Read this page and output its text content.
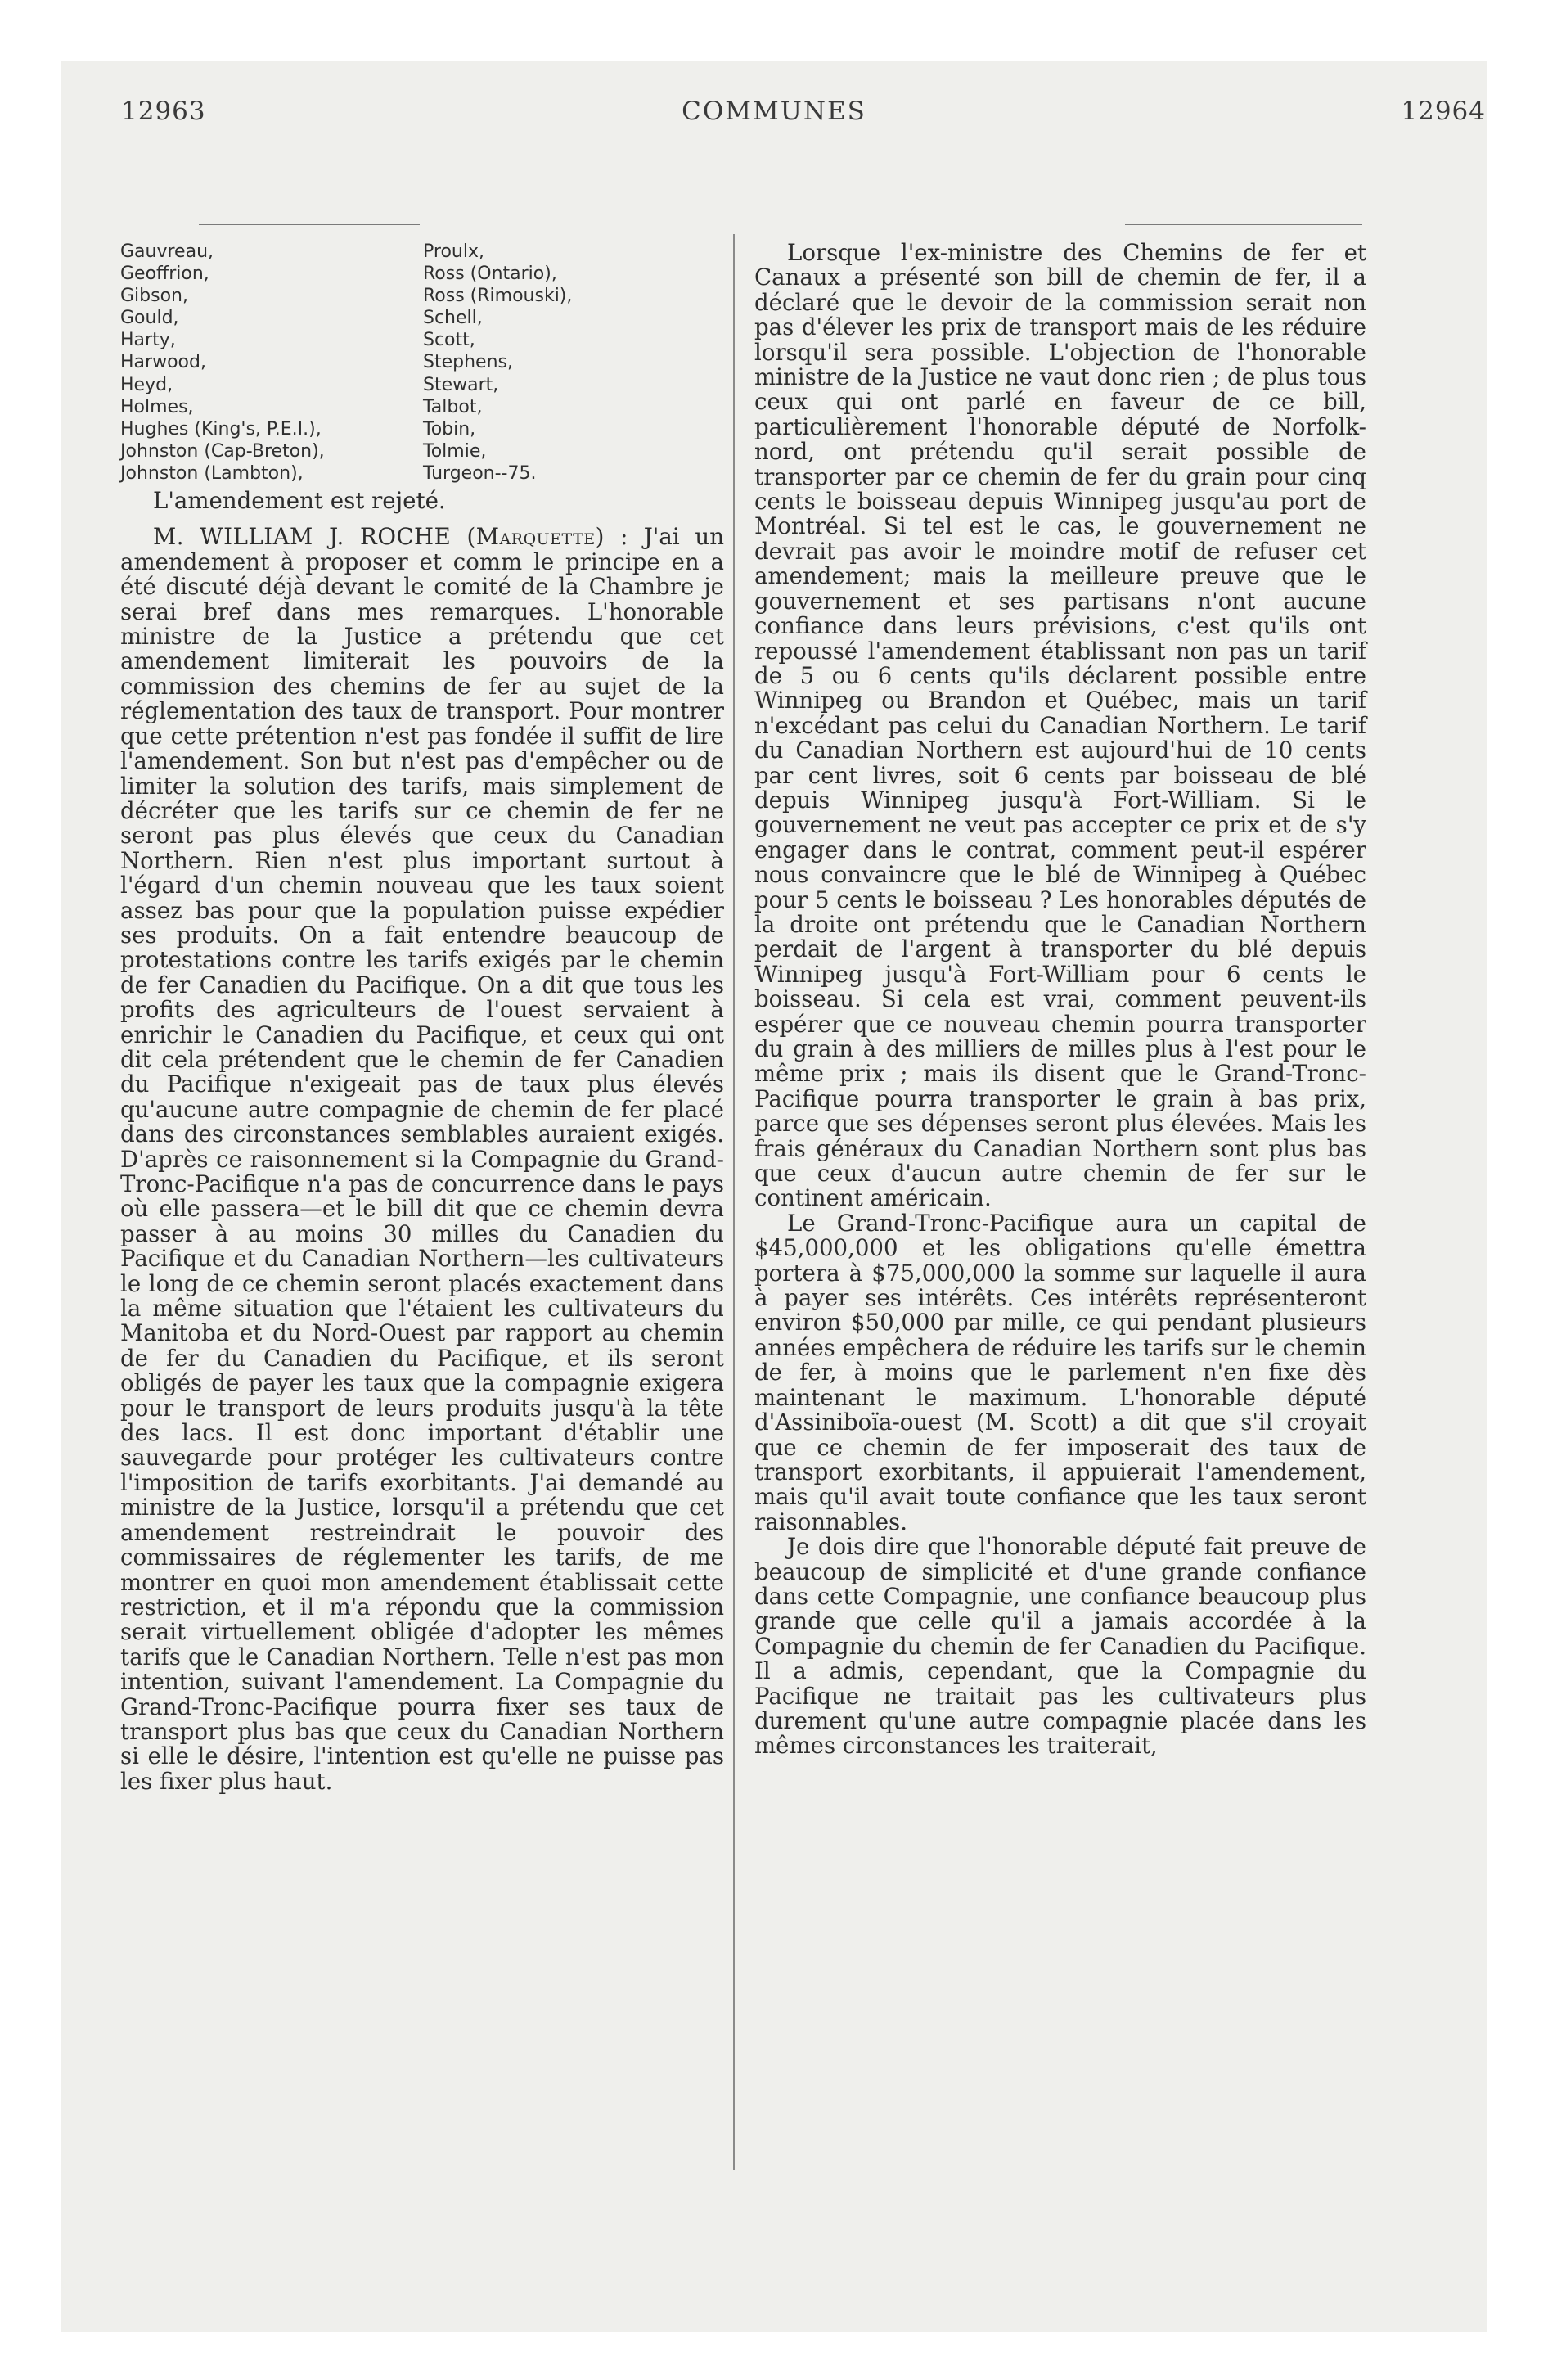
12963	COMMUNES	12964
Gauvreau,	Proulx,
Geoffrion,	Ross (Ontario),
Gibson,	Ross (Rimouski),
Gould,	Schell,
Harty,	Scott,
Harwood,	Stephens,
Heyd,	Stewart,
Holmes,	Talbot,
Hughes (King's, P.E.I.),	Tobin,
Johnston (Cap-Breton),	Tolmie,
Johnston (Lambton),	Turgeon--75.

L'amendement est rejeté.

M. WILLIAM J. ROCHE (Marquette) : J'ai un amendement à proposer et comm le principe en a été discuté déjà devant le comité de la Chambre je serai bref dans mes remarques. L'honorable ministre de la Justice a prétendu que cet amendement limiterait les pouvoirs de la commission des chemins de fer au sujet de la réglementation des taux de transport. Pour montrer que cette prétention n'est pas fondée il suffit de lire l'amendement. Son but n'est pas d'empêcher ou de limiter la solution des tarifs, mais simplement de décréter que les tarifs sur ce chemin de fer ne seront pas plus élevés que ceux du Canadian Northern. Rien n'est plus important surtout à l'égard d'un chemin nouveau que les taux soient assez bas pour que la population puisse expédier ses produits. On a fait entendre beaucoup de protestations contre les tarifs exigés par le chemin de fer Canadien du Pacifique. On a dit que tous les profits des agriculteurs de l'ouest servaient à enrichir le Canadien du Pacifique, et ceux qui ont dit cela prétendent que le chemin de fer Canadien du Pacifique n'exigeait pas de taux plus élevés qu'aucune autre compagnie de chemin de fer placé dans des circonstances semblables auraient exigés. D'après ce raisonnement si la Compagnie du Grand-Tronc-Pacifique n'a pas de concurrence dans le pays où elle passera—et le bill dit que ce chemin devra passer à au moins 30 milles du Canadien du Pacifique et du Canadian Northern—les cultivateurs le long de ce chemin seront placés exactement dans la même situation que l'étaient les cultivateurs du Manitoba et du Nord-Ouest par rapport au chemin de fer du Canadien du Pacifique, et ils seront obligés de payer les taux que la compagnie exigera pour le transport de leurs produits jusqu'à la tête des lacs. Il est donc important d'établir une sauvegarde pour protéger les cultivateurs contre l'imposition de tarifs exorbitants. J'ai demandé au ministre de la Justice, lorsqu'il a prétendu que cet amendement restreindrait le pouvoir des commissaires de réglementer les tarifs, de me montrer en quoi mon amendement établissait cette restriction, et il m'a répondu que la commission serait virtuellement obligée d'adopter les mêmes tarifs que le Canadian Northern. Telle n'est pas mon intention, suivant l'amendement. La Compagnie du Grand-Tronc-Pacifique pourra fixer ses taux de transport plus bas que ceux du Canadian Northern si elle le désire, l'intention est qu'elle ne puisse pas les fixer plus haut.

Lorsque l'ex-ministre des Chemins de fer et Canaux a présenté son bill de chemin de fer, il a déclaré que le devoir de la commission serait non pas d'élever les prix de transport mais de les réduire lorsqu'il sera possible. L'objection de l'honorable ministre de la Justice ne vaut donc rien ; de plus tous ceux qui ont parlé en faveur de ce bill, particulièrement l'honorable député de Norfolk-nord, ont prétendu qu'il serait possible de transporter par ce chemin de fer du grain pour cinq cents le boisseau depuis Winnipeg jusqu'au port de Montréal. Si tel est le cas, le gouvernement ne devrait pas avoir le moindre motif de refuser cet amendement; mais la meilleure preuve que le gouvernement et ses partisans n'ont aucune confiance dans leurs prévisions, c'est qu'ils ont repoussé l'amendement établissant non pas un tarif de 5 ou 6 cents qu'ils déclarent possible entre Winnipeg ou Brandon et Québec, mais un tarif n'excédant pas celui du Canadian Northern. Le tarif du Canadian Northern est aujourd'hui de 10 cents par cent livres, soit 6 cents par boisseau de blé depuis Winnipeg jusqu'à Fort-William. Si le gouvernement ne veut pas accepter ce prix et de s'y engager dans le contrat, comment peut-il espérer nous convaincre que le blé de Winnipeg à Québec pour 5 cents le boisseau ? Les honorables députés de la droite ont prétendu que le Canadian Northern perdait de l'argent à transporter du blé depuis Winnipeg jusqu'à Fort-William pour 6 cents le boisseau. Si cela est vrai, comment peuvent-ils espérer que ce nouveau chemin pourra transporter du grain à des milliers de milles plus à l'est pour le même prix ; mais ils disent que le Grand-Tronc-Pacifique pourra transporter le grain à bas prix, parce que ses dépenses seront plus élevées. Mais les frais généraux du Canadian Northern sont plus bas que ceux d'aucun autre chemin de fer sur le continent américain.

Le Grand-Tronc-Pacifique aura un capital de $45,000,000 et les obligations qu'elle émettra portera à $75,000,000 la somme sur laquelle il aura à payer ses intérêts. Ces intérêts représenteront environ $50,000 par mille, ce qui pendant plusieurs années empêchera de réduire les tarifs sur le chemin de fer, à moins que le parlement n'en fixe dès maintenant le maximum. L'honorable député d'Assiniboïa-ouest (M. Scott) a dit que s'il croyait que ce chemin de fer imposerait des taux de transport exorbitants, il appuierait l'amendement, mais qu'il avait toute confiance que les taux seront raisonnables.

Je dois dire que l'honorable député fait preuve de beaucoup de simplicité et d'une grande confiance dans cette Compagnie, une confiance beaucoup plus grande que celle qu'il a jamais accordée à la Compagnie du chemin de fer Canadien du Pacifique. Il a admis, cependant, que la Compagnie du Pacifique ne traitait pas les cultivateurs plus durement qu'une autre compagnie placée dans les mêmes circonstances les traiterait,
